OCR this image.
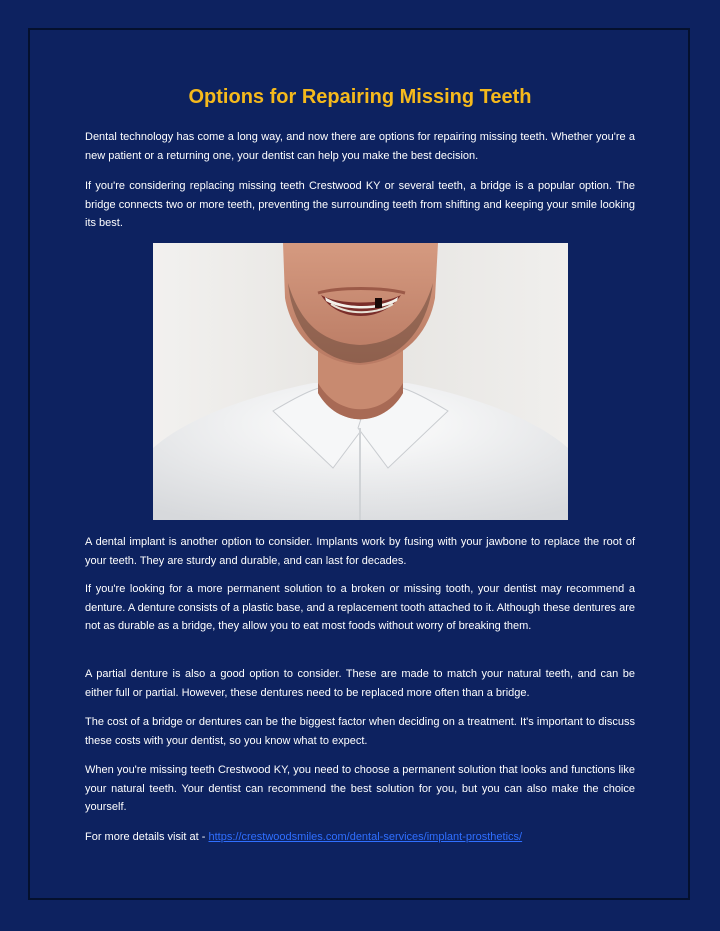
Options for Repairing Missing Teeth

Dental technology has come a long way, and now there are options for repairing missing teeth. Whether you're a new patient or a returning one, your dentist can help you make the best decision.

If you're considering replacing missing teeth Crestwood KY or several teeth, a bridge is a popular option. The bridge connects two or more teeth, preventing the surrounding teeth from shifting and keeping your smile looking its best.

A dental implant is another option to consider. Implants work by fusing with your jawbone to replace the root of your teeth. They are sturdy and durable, and can last for decades.

If you're looking for a more permanent solution to a broken or missing tooth, your dentist may recommend a denture. A denture consists of a plastic base, and a replacement tooth attached to it. Although these dentures are not as durable as a bridge, they allow you to eat most foods without worry of breaking them.

A partial denture is also a good option to consider. These are made to match your natural teeth, and can be either full or partial. However, these dentures need to be replaced more often than a bridge.

The cost of a bridge or dentures can be the biggest factor when deciding on a treatment. It's important to discuss these costs with your dentist, so you know what to expect.

When you're missing teeth Crestwood KY, you need to choose a permanent solution that looks and functions like your natural teeth. Your dentist can recommend the best solution for you, but you can also make the choice yourself.

For more details visit at - https://crestwoodsmiles.com/dental-services/implant-prosthetics/
